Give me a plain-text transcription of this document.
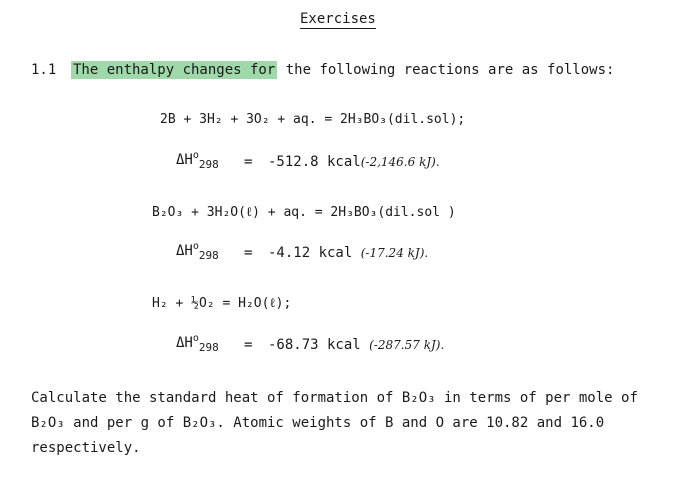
Exercises
1.1 The enthalpy changes for the following reactions are as follows:
2B + 3H₂ + 3O₂ + aq. = 2H₃BO₃(dil.sol);
$\Delta H^o_{298} = -512.8$ kcal(-2,146.6 kJ).
B₂O₃ + 3H₂O(ℓ) + aq. = 2H₃BO₃(dil.sol )
$\Delta H^o_{298} = -4.12$ kcal (-17.24 kJ).
H₂ + ½O₂ = H₂O(ℓ);
$\Delta H^o_{298} = -68.73$ kcal (-287.57 kJ).
Calculate the standard heat of formation of B₂O₃ in terms of per mole of
B₂O₃ and per g of B₂O₃. Atomic weights of B and O are 10.82 and 16.0
respectively.
